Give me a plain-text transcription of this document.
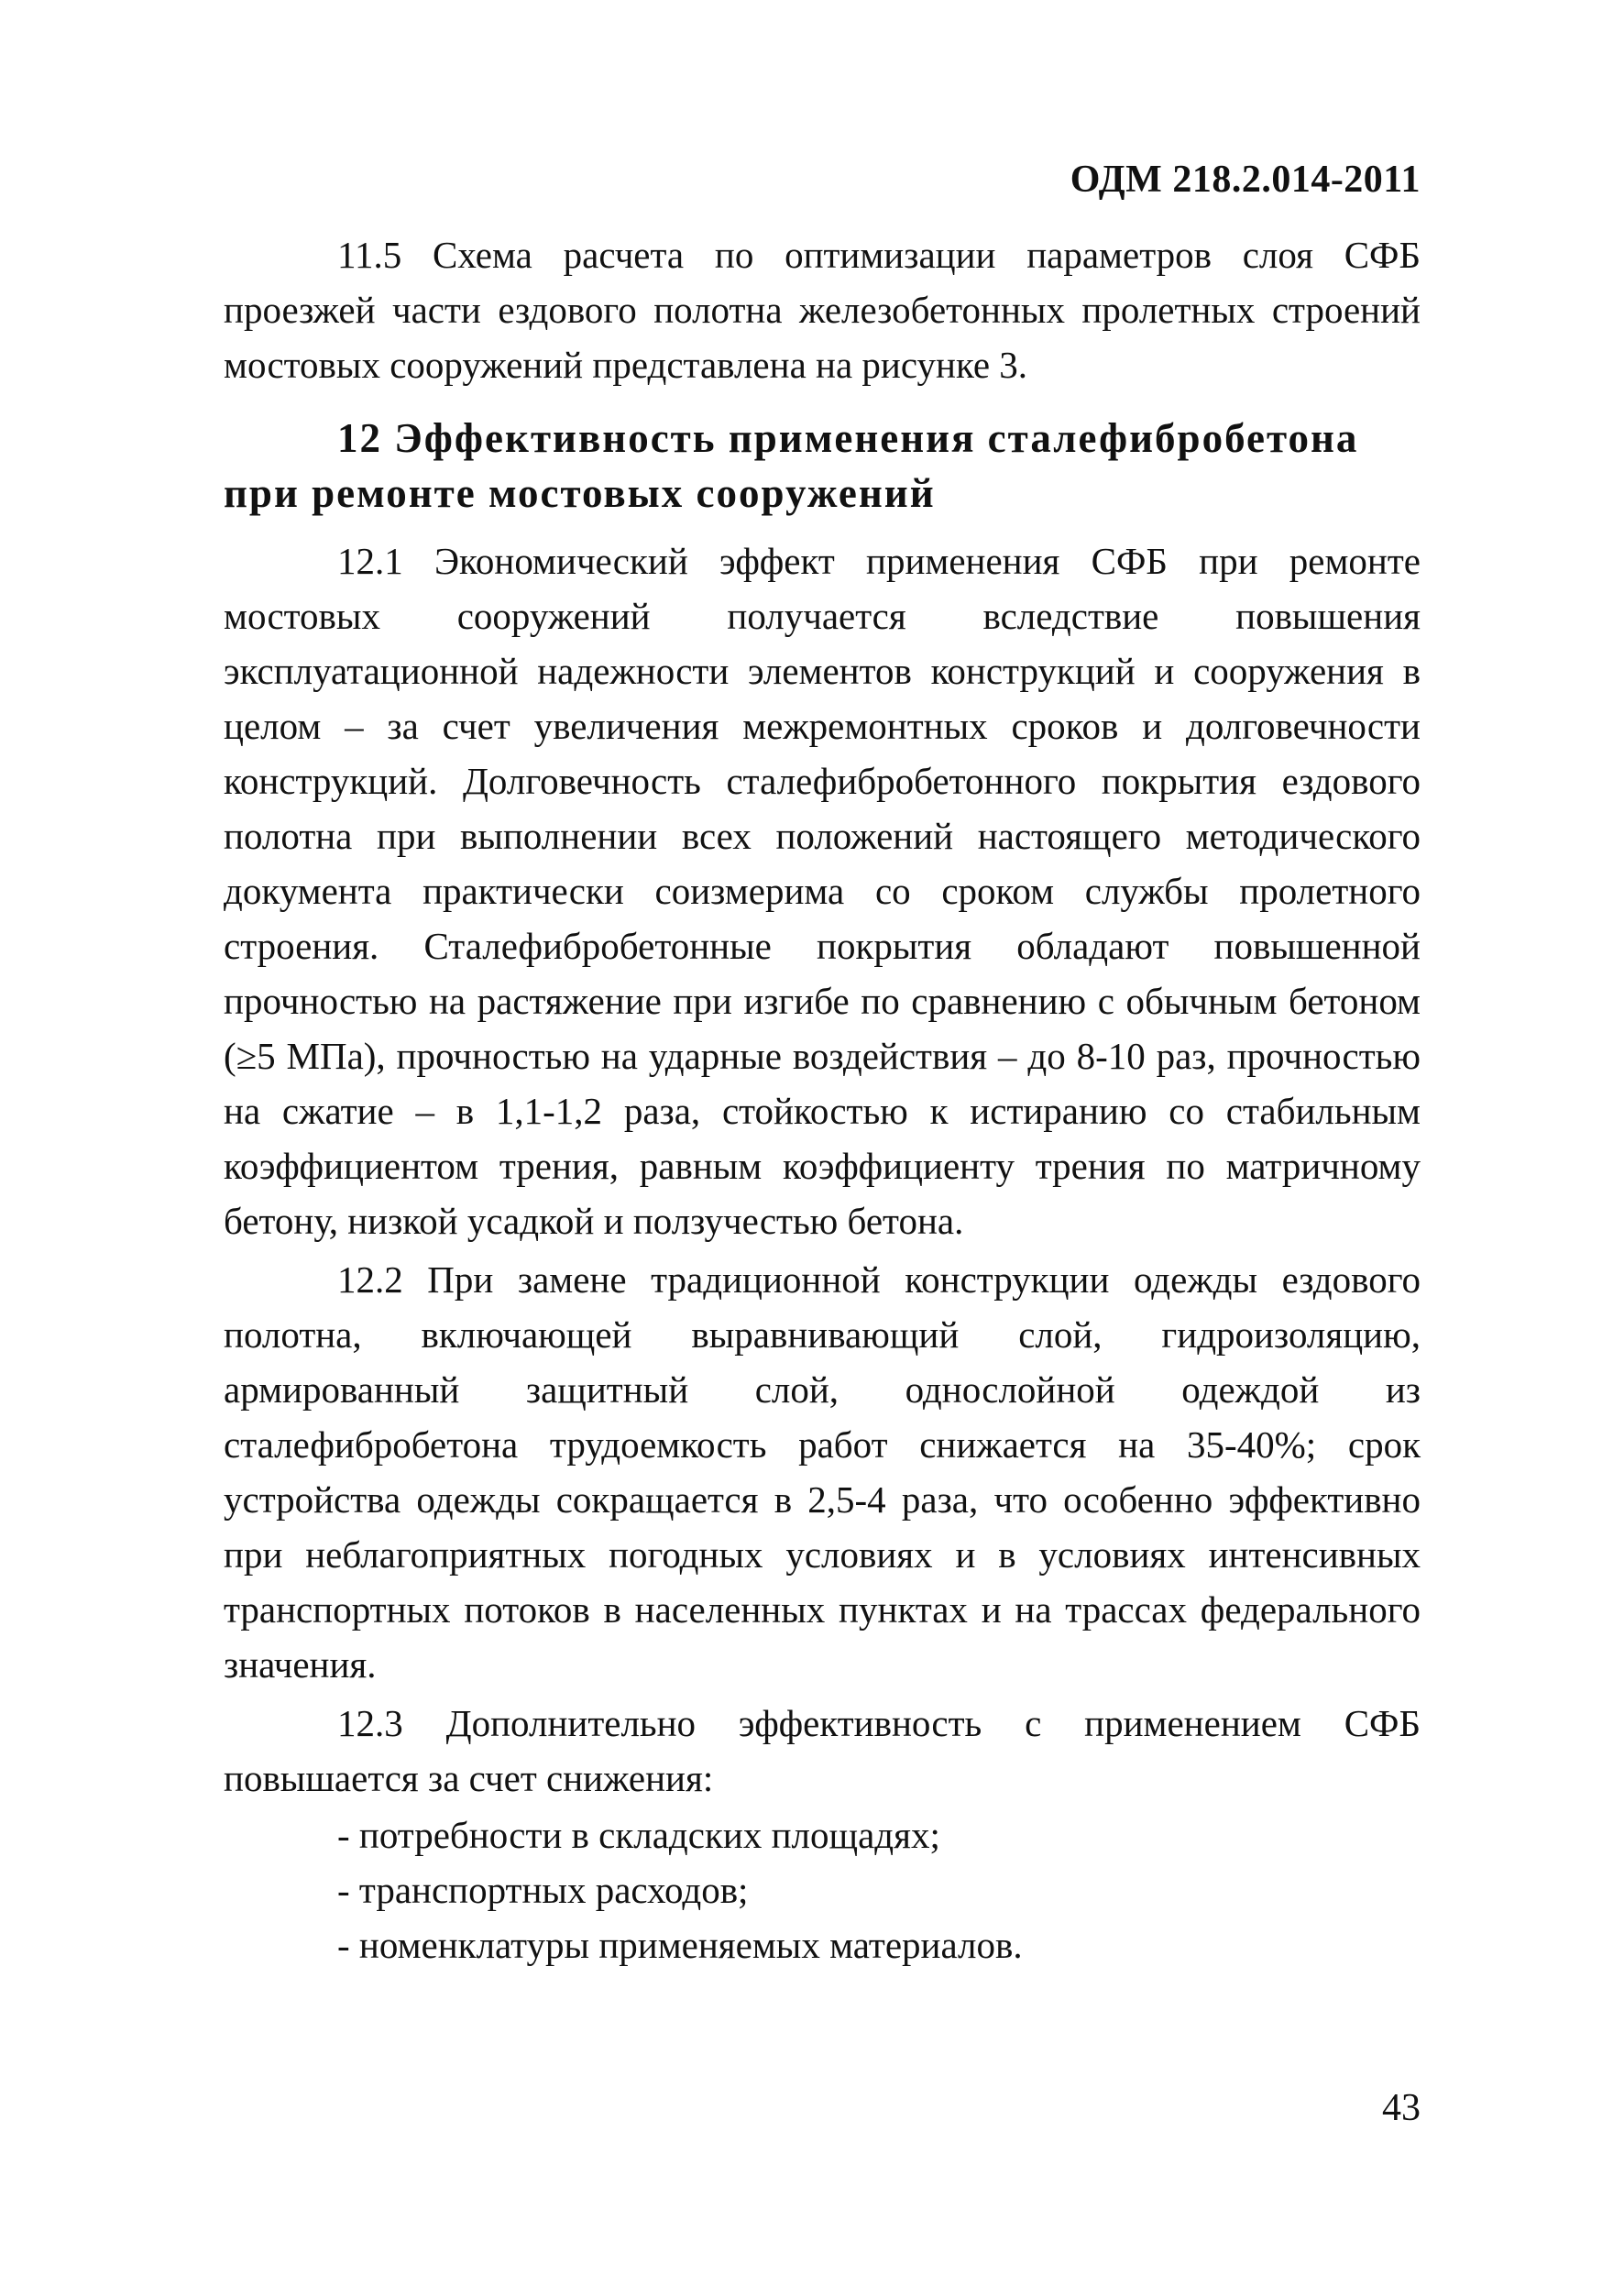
ОДМ 218.2.014-2011

11.5 Схема расчета по оптимизации параметров слоя СФБ проезжей части ездового полотна железобетонных пролетных строений мостовых сооружений представлена на рисунке 3.

12 Эффективность применения сталефибробетона при ремонте мостовых сооружений

12.1 Экономический эффект применения СФБ при ремонте мостовых сооружений получается вследствие повышения эксплуатационной надежности элементов конструкций и сооружения в целом – за счет увеличения межремонтных сроков и долговечности конструкций. Долговечность сталефибробетонного покрытия ездового полотна при выполнении всех положений настоящего методического документа практически соизмерима со сроком службы пролетного строения. Сталефибробетонные покрытия обладают повышенной прочностью на растяжение при изгибе по сравнению с обычным бетоном (≥5 МПа), прочностью на ударные воздействия – до 8-10 раз, прочностью на сжатие – в 1,1-1,2 раза, стойкостью к истиранию со стабильным коэффициентом трения, равным коэффициенту трения по матричному бетону, низкой усадкой и ползучестью бетона.

12.2 При замене традиционной конструкции одежды ездового полотна, включающей выравнивающий слой, гидроизоляцию, армированный защитный слой, однослойной одеждой из сталефибробетона трудоемкость работ снижается на 35-40%; срок устройства одежды сокращается в 2,5-4 раза, что особенно эффективно при неблагоприятных погодных условиях и в условиях интенсивных транспортных потоков в населенных пунктах и на трассах федерального значения.

12.3 Дополнительно эффективность с применением СФБ повышается за счет снижения:

- потребности в складских площадях;
- транспортных расходов;
- номенклатуры применяемых материалов.
43
